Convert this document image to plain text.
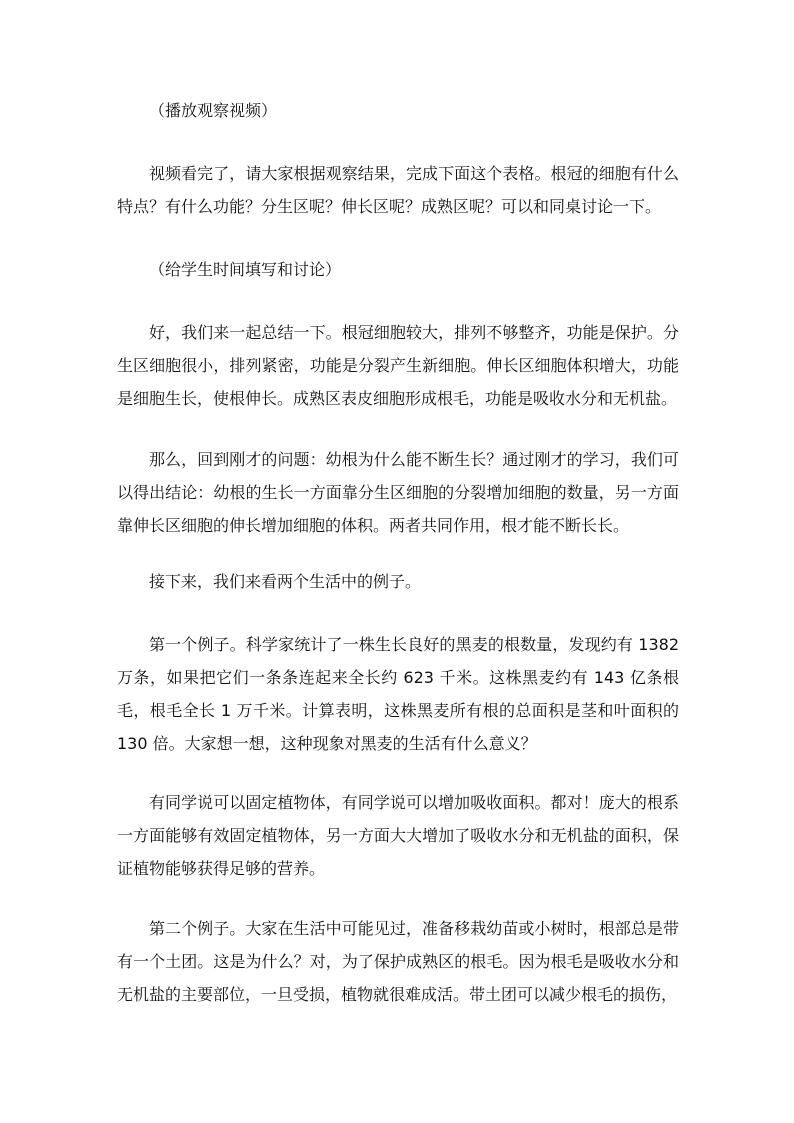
（播放观察视频）

视频看完了，请大家根据观察结果，完成下面这个表格。根冠的细胞有什么特点？有什么功能？分生区呢？伸长区呢？成熟区呢？可以和同桌讨论一下。

（给学生时间填写和讨论）

好，我们来一起总结一下。根冠细胞较大，排列不够整齐，功能是保护。分生区细胞很小，排列紧密，功能是分裂产生新细胞。伸长区细胞体积增大，功能是细胞生长，使根伸长。成熟区表皮细胞形成根毛，功能是吸收水分和无机盐。

那么，回到刚才的问题：幼根为什么能不断生长？通过刚才的学习，我们可以得出结论：幼根的生长一方面靠分生区细胞的分裂增加细胞的数量，另一方面靠伸长区细胞的伸长增加细胞的体积。两者共同作用，根才能不断长长。

接下来，我们来看两个生活中的例子。

第一个例子。科学家统计了一株生长良好的黑麦的根数量，发现约有 1382 万条，如果把它们一条条连起来全长约 623 千米。这株黑麦约有 143 亿条根毛，根毛全长 1 万千米。计算表明，这株黑麦所有根的总面积是茎和叶面积的 130 倍。大家想一想，这种现象对黑麦的生活有什么意义？

有同学说可以固定植物体，有同学说可以增加吸收面积。都对！庞大的根系一方面能够有效固定植物体，另一方面大大增加了吸收水分和无机盐的面积，保证植物能够获得足够的营养。

第二个例子。大家在生活中可能见过，准备移栽幼苗或小树时，根部总是带有一个土团。这是为什么？对，为了保护成熟区的根毛。因为根毛是吸收水分和无机盐的主要部位，一旦受损，植物就很难成活。带土团可以减少根毛的损伤，
